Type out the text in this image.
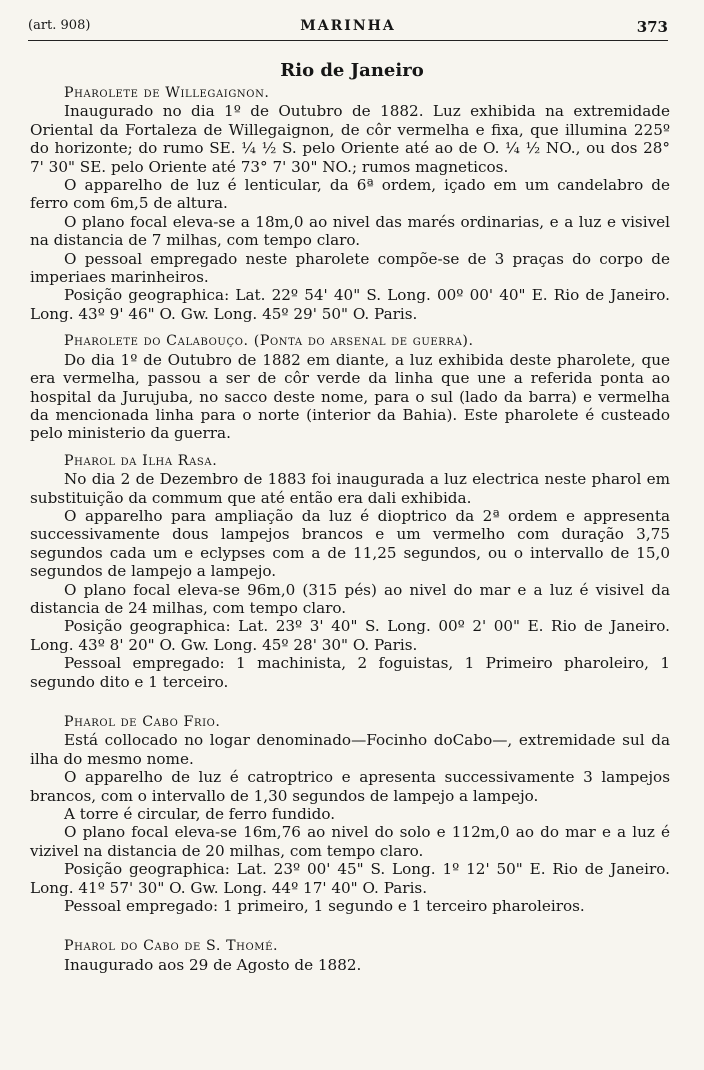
(art. 908)	MARINHA	373
Rio de Janeiro
Pharolete de Willegaignon.

Inaugurado no dia 1º de Outubro de 1882. Luz exhibida na extremidade Oriental da Fortaleza de Willegaignon, de côr vermelha e fixa, que illumina 225º do horizonte; do rumo SE. ¼ ½ S. pelo Oriente até ao de O. ¼ ½ NO., ou dos 28° 7' 30" SE. pelo Oriente até 73° 7' 30" NO.; rumos magneticos.

O apparelho de luz é lenticular, da 6ª ordem, içado em um candelabro de ferro com 6m,5 de altura.

O plano focal eleva-se a 18m,0 ao nivel das marés ordinarias, e a luz e visivel na distancia de 7 milhas, com tempo claro.

O pessoal empregado neste pharolete compõe-se de 3 praças do corpo de imperiaes marinheiros.

Posição geographica: Lat. 22º 54' 40" S. Long. 00º 00' 40" E. Rio de Janeiro. Long. 43º 9' 46" O. Gw. Long. 45º 29' 50" O. Paris.

Pharolete do Calabouço. (Ponta do arsenal de guerra).

Do dia 1º de Outubro de 1882 em diante, a luz exhibida deste pharolete, que era vermelha, passou a ser de côr verde da linha que une a referida ponta ao hospital da Jurujuba, no sacco deste nome, para o sul (lado da barra) e vermelha da mencionada linha para o norte (interior da Bahia). Este pharolete é custeado pelo ministerio da guerra.

Pharol da Ilha Rasa.

No dia 2 de Dezembro de 1883 foi inaugurada a luz electrica neste pharol em substituição da commum que até então era dali exhibida.

O apparelho para ampliação da luz é dioptrico da 2ª ordem e appresenta successivamente dous lampejos brancos e um vermelho com duração 3,75 segundos cada um e eclypses com a de 11,25 segundos, ou o intervallo de 15,0 segundos de lampejo a lampejo.

O plano focal eleva-se 96m,0 (315 pés) ao nivel do mar e a luz é visivel da distancia de 24 milhas, com tempo claro.

Posição geographica: Lat. 23º 3' 40" S. Long. 00º 2' 00" E. Rio de Janeiro. Long. 43º 8' 20" O. Gw. Long. 45º 28' 30" O. Paris.

Pessoal empregado: 1 machinista, 2 foguistas, 1 Primeiro pharoleiro, 1 segundo dito e 1 terceiro.

Pharol de Cabo Frio.

Está collocado no logar denominado—Focinho doCabo—, extremidade sul da ilha do mesmo nome.

O apparelho de luz é catroptrico e apresenta successivamente 3 lampejos brancos, com o intervallo de 1,30 segundos de lampejo a lampejo.

A torre é circular, de ferro fundido.

O plano focal eleva-se 16m,76 ao nivel do solo e 112m,0 ao do mar e a luz é vizivel na distancia de 20 milhas, com tempo claro.

Posição geographica: Lat. 23º 00' 45" S. Long. 1º 12' 50" E. Rio de Janeiro. Long. 41º 57' 30" O. Gw. Long. 44º 17' 40" O. Paris.

Pessoal empregado: 1 primeiro, 1 segundo e 1 terceiro pharoleiros.

Pharol do Cabo de S. Thomé.

Inaugurado aos 29 de Agosto de 1882.
